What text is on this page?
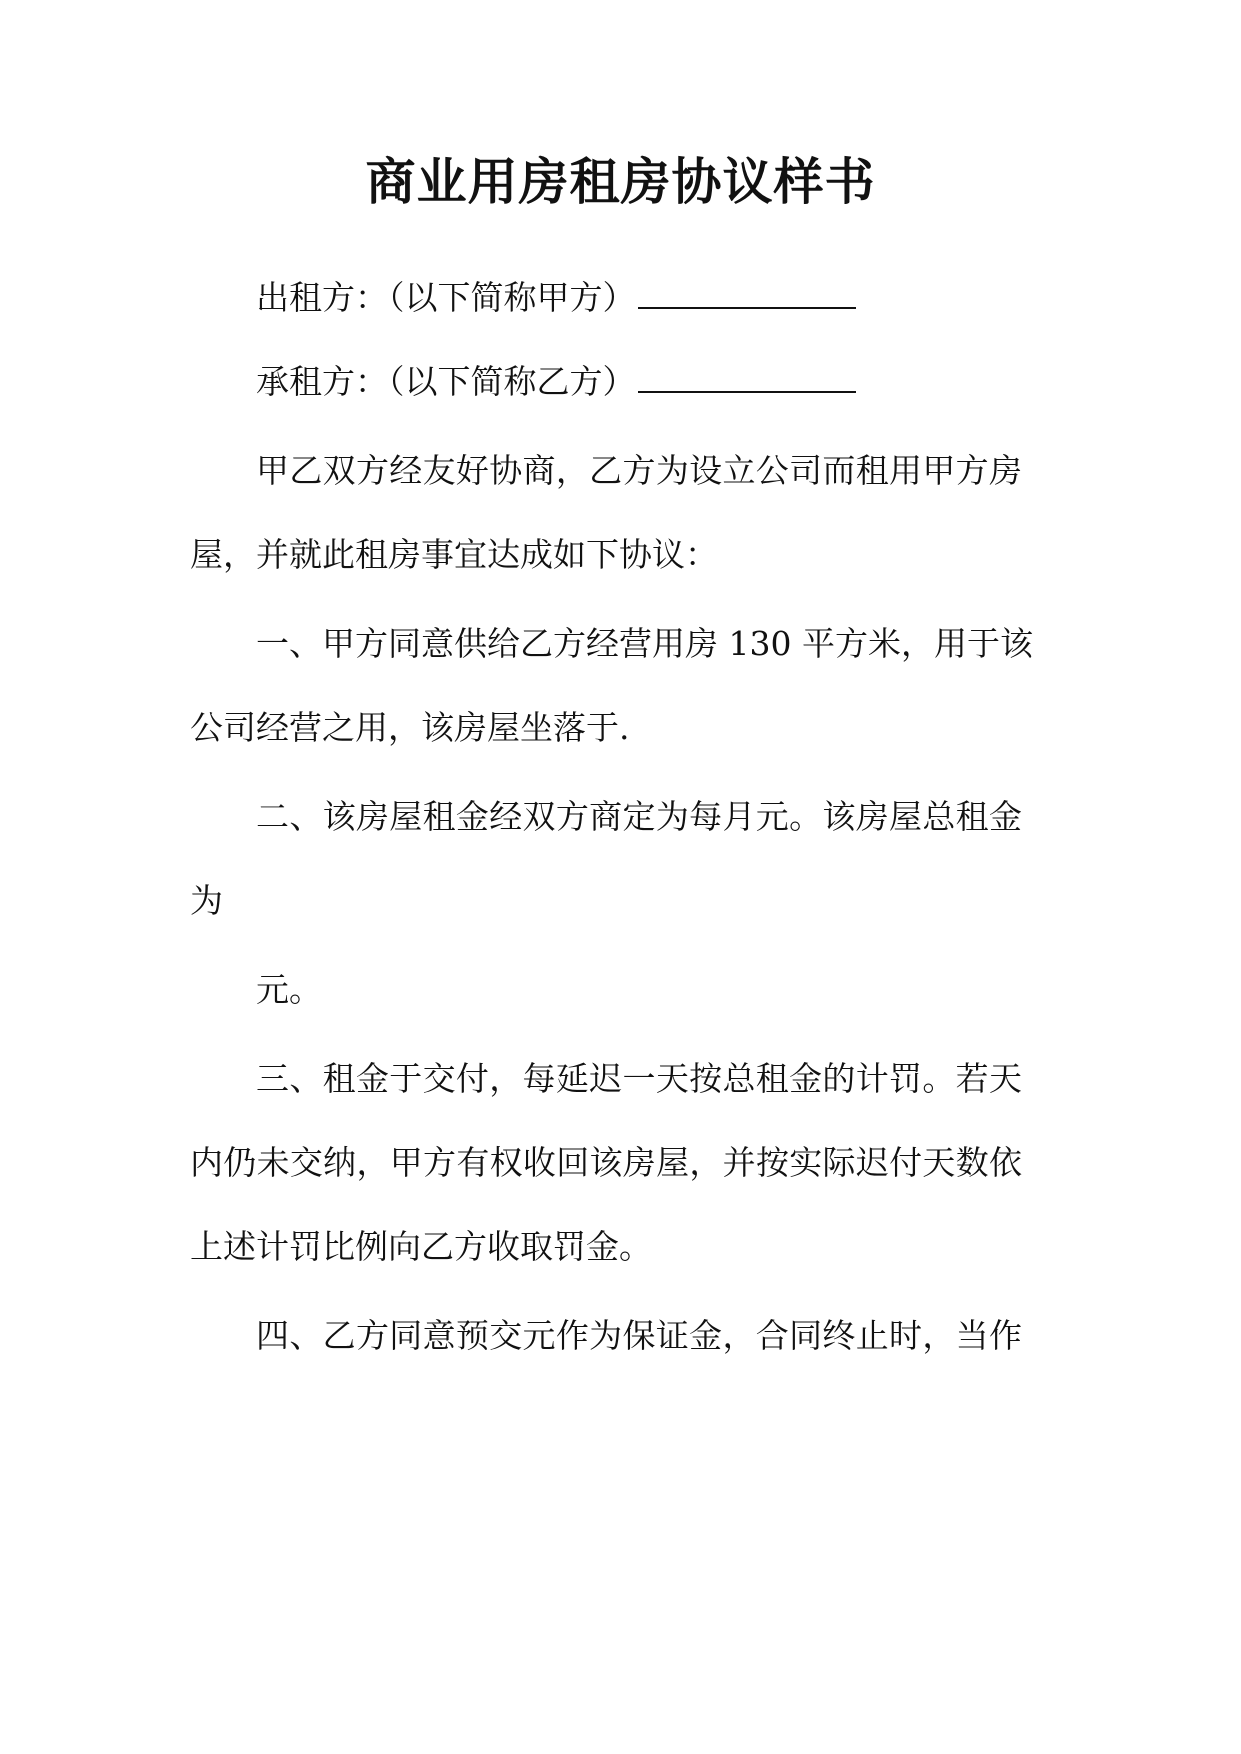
商业用房租房协议样书

出租方：（以下简称甲方）

承租方：（以下简称乙方）

甲乙双方经友好协商，乙方为设立公司而租用甲方房

屋，并就此租房事宜达成如下协议：

一、甲方同意供给乙方经营用房 130 平方米，用于该

公司经营之用，该房屋坐落于.

二、该房屋租金经双方商定为每月元。该房屋总租金

为

元。

三、租金于交付，每延迟一天按总租金的计罚。若天

内仍未交纳，甲方有权收回该房屋，并按实际迟付天数依

上述计罚比例向乙方收取罚金。

四、乙方同意预交元作为保证金，合同终止时，当作
